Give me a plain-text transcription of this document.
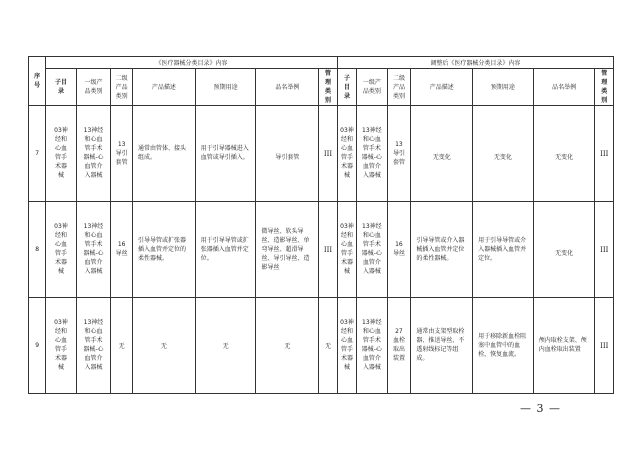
序号	《医疗器械分类目录》内容							调整后《医疗器械分类目录》内容						
	子目录	一级产品类别	二级产品类别	产品描述	预期用途	品名举例	管理类别	子目录	一级产品类别	二级产品类别	产品描述	预期用途	品名举例	管理类别
7	03神经和心血管手术器械	13神经和心血管手术器械-心血管介入器械	13导引套管	通常由管体、接头组成。	用于引导器械进入血管或导引插入。	导引套管	III	03神经和心血管手术器械	13神经和心血管手术器械-心血管介入器械	13导引套管	无变化	无变化	无变化	III
8	03神经和心血管手术器械	13神经和心血管手术器械-心血管介入器械	16导丝	引导导管或扩张器插入血管并定位的柔性器械。	用于引导导管或扩张器插入血管并定位。	微导丝、软头导丝、造影导丝、单弯导丝、超滑导丝、导引导丝、造影导丝	III	03神经和心血管手术器械	13神经和心血管手术器械-心血管介入器械	16导丝	引导导管或介入器械插入血管并定位的柔性器械。	用于引导导管或介入器械插入血管并定位。	无变化	III
9	03神经和心血管手术器械	13神经和心血管手术器械-心血管介入器械	无	无	无	无	无	03神经和心血管手术器械	13神经和心血管手术器械-心血管介入器械	27血栓取出装置	通常由支架型取栓器、推送导丝、不透射线标记等组成。	用于移除新血栓阻塞中血管中的血栓，恢复血流。	颅内取栓支架、颅内血栓取出装置	III
— 3 —
